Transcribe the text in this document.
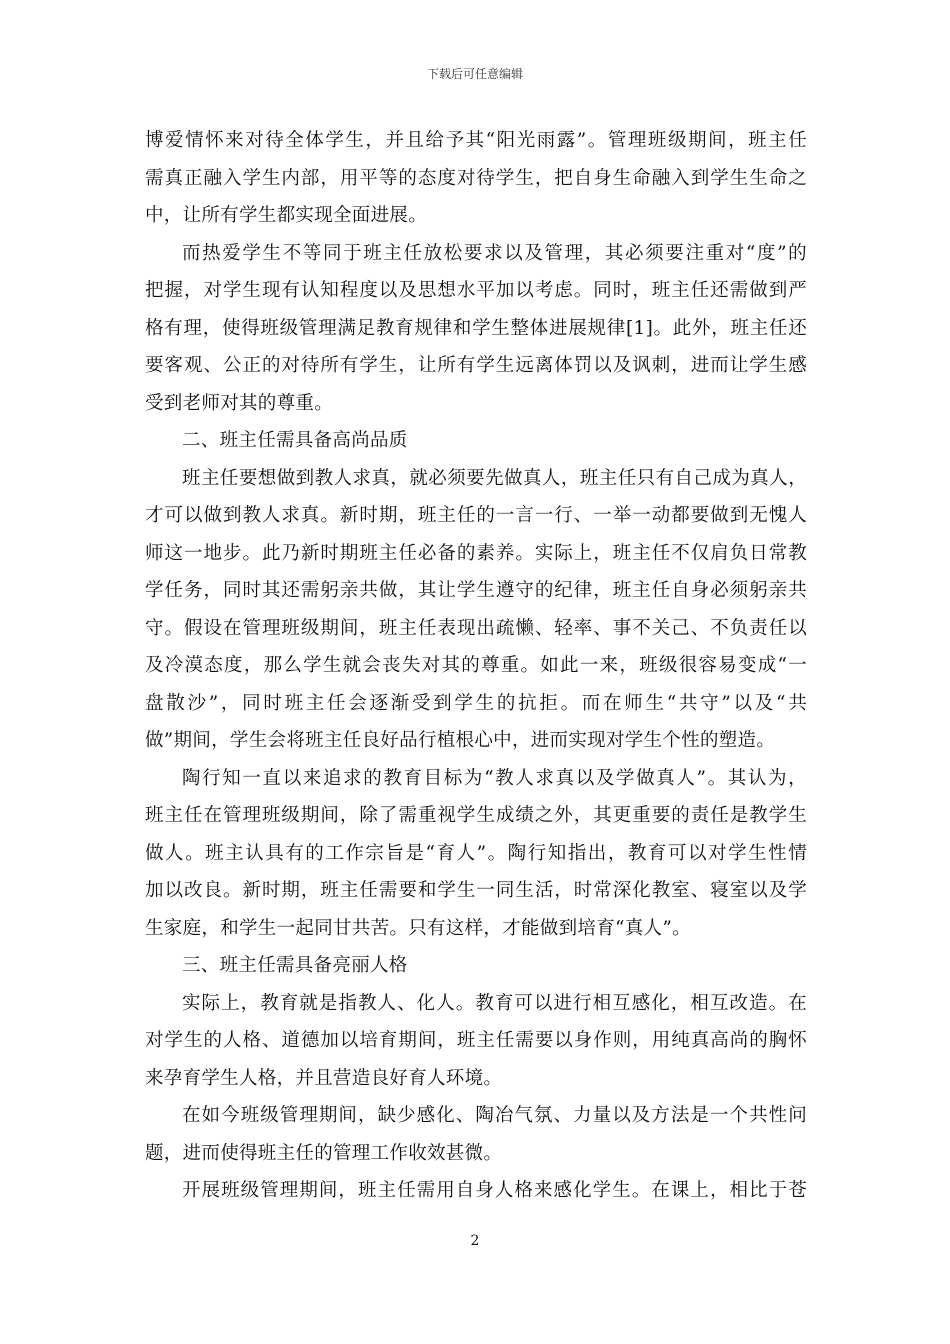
下载后可任意编辑
博爱情怀来对待全体学生，并且给予其“阳光雨露”。管理班级期间，班主任
需真正融入学生内部，用平等的态度对待学生，把自身生命融入到学生生命之
中，让所有学生都实现全面进展。
而热爱学生不等同于班主任放松要求以及管理，其必须要注重对“度”的
把握，对学生现有认知程度以及思想水平加以考虑。同时，班主任还需做到严
格有理，使得班级管理满足教育规律和学生整体进展规律[1]。此外，班主任还
要客观、公正的对待所有学生，让所有学生远离体罚以及讽刺，进而让学生感
受到老师对其的尊重。
二、班主任需具备高尚品质
班主任要想做到教人求真，就必须要先做真人，班主任只有自己成为真人，
才可以做到教人求真。新时期，班主任的一言一行、一举一动都要做到无愧人
师这一地步。此乃新时期班主任必备的素养。实际上，班主任不仅肩负日常教
学任务，同时其还需躬亲共做，其让学生遵守的纪律，班主任自身必须躬亲共
守。假设在管理班级期间，班主任表现出疏懒、轻率、事不关己、不负责任以
及冷漠态度，那么学生就会丧失对其的尊重。如此一来，班级很容易变成“一
盘散沙”，同时班主任会逐渐受到学生的抗拒。而在师生“共守”以及“共
做”期间，学生会将班主任良好品行植根心中，进而实现对学生个性的塑造。
陶行知一直以来追求的教育目标为“教人求真以及学做真人”。其认为，
班主任在管理班级期间，除了需重视学生成绩之外，其更重要的责任是教学生
做人。班主认具有的工作宗旨是“育人”。陶行知指出，教育可以对学生性情
加以改良。新时期，班主任需要和学生一同生活，时常深化教室、寝室以及学
生家庭，和学生一起同甘共苦。只有这样，才能做到培育“真人”。
三、班主任需具备亮丽人格
实际上，教育就是指教人、化人。教育可以进行相互感化，相互改造。在
对学生的人格、道德加以培育期间，班主任需要以身作则，用纯真高尚的胸怀
来孕育学生人格，并且营造良好育人环境。
在如今班级管理期间，缺少感化、陶冶气氛、力量以及方法是一个共性问
题，进而使得班主任的管理工作收效甚微。
开展班级管理期间，班主任需用自身人格来感化学生。在课上，相比于苍
2
